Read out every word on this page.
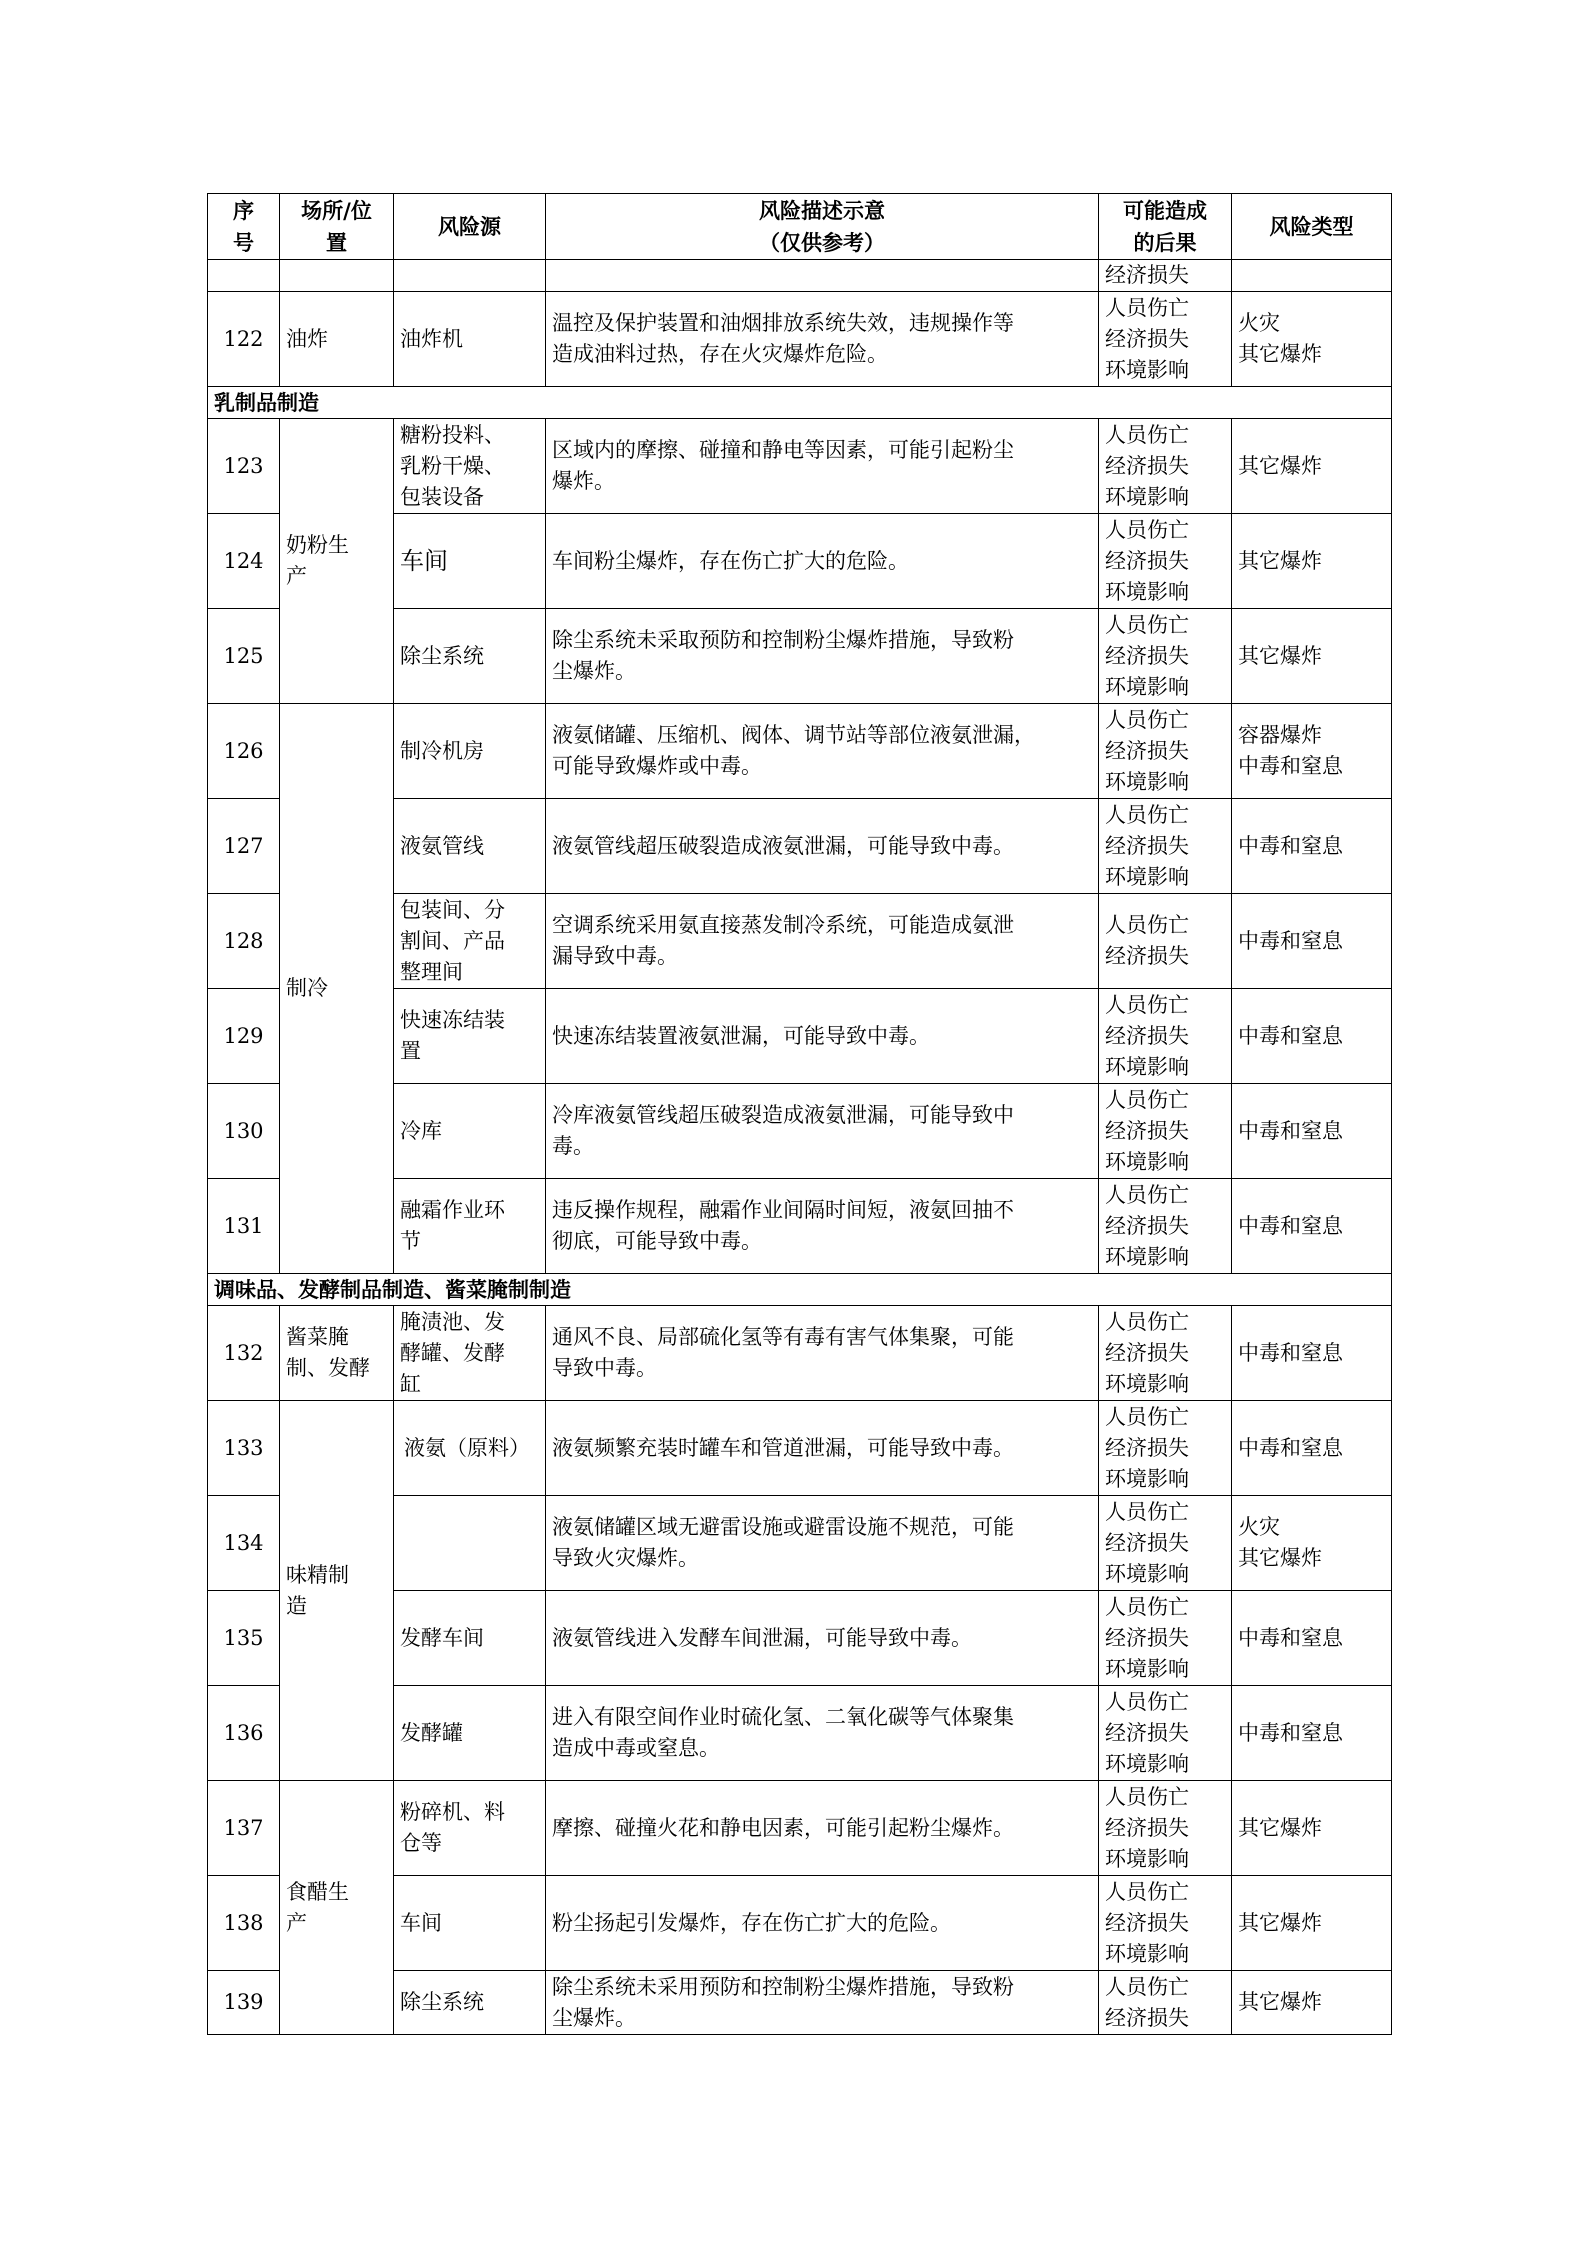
序
号	场所/位
置	风险源	风险描述示意
（仅供参考）	可能造成
的后果	风险类型

				经济损失	

122	油炸	油炸机	温控及保护装置和油烟排放系统失效，违规操作等
造成油料过热，存在火灾爆炸危险。	人员伤亡
经济损失
环境影响	火灾
其它爆炸

乳制品制造					
123	奶粉生
产	糖粉投料、
乳粉干燥、
包装设备	区域内的摩擦、碰撞和静电等因素，可能引起粉尘
爆炸。	人员伤亡
经济损失
环境影响	其它爆炸

124		车间	车间粉尘爆炸，存在伤亡扩大的危险。	人员伤亡
经济损失
环境影响	其它爆炸

125		除尘系统	除尘系统未采取预防和控制粉尘爆炸措施，导致粉
尘爆炸。	人员伤亡
经济损失
环境影响	其它爆炸

126	制冷	制冷机房	液氨储罐、压缩机、阀体、调节站等部位液氨泄漏，
可能导致爆炸或中毒。	人员伤亡
经济损失
环境影响	容器爆炸
中毒和窒息

127		液氨管线	液氨管线超压破裂造成液氨泄漏，可能导致中毒。	人员伤亡
经济损失
环境影响	中毒和窒息

128		包装间、分
割间、产品
整理间	空调系统采用氨直接蒸发制冷系统，可能造成氨泄
漏导致中毒。	人员伤亡
经济损失	中毒和窒息

129		快速冻结装
置	快速冻结装置液氨泄漏，可能导致中毒。	人员伤亡
经济损失
环境影响	中毒和窒息

130		冷库	冷库液氨管线超压破裂造成液氨泄漏，可能导致中
毒。	人员伤亡
经济损失
环境影响	中毒和窒息

131		融霜作业环
节	违反操作规程，融霜作业间隔时间短，液氨回抽不
彻底，可能导致中毒。	人员伤亡
经济损失
环境影响	中毒和窒息

调味品、发酵制品制造、酱菜腌制制造					
132	酱菜腌
制、发酵	腌渍池、发
酵罐、发酵
缸	通风不良、局部硫化氢等有毒有害气体集聚，可能
导致中毒。	人员伤亡
经济损失
环境影响	中毒和窒息

133	味精制
造	液氨（原料）	液氨频繁充装时罐车和管道泄漏，可能导致中毒。	人员伤亡
经济损失
环境影响	中毒和窒息

134			液氨储罐区域无避雷设施或避雷设施不规范，可能
导致火灾爆炸。	人员伤亡
经济损失
环境影响	火灾
其它爆炸

135		发酵车间	液氨管线进入发酵车间泄漏，可能导致中毒。	人员伤亡
经济损失
环境影响	中毒和窒息

136		发酵罐	进入有限空间作业时硫化氢、二氧化碳等气体聚集
造成中毒或窒息。	人员伤亡
经济损失
环境影响	中毒和窒息

137	食醋生
产	粉碎机、料
仓等	摩擦、碰撞火花和静电因素，可能引起粉尘爆炸。	人员伤亡
经济损失
环境影响	其它爆炸

138		车间	粉尘扬起引发爆炸，存在伤亡扩大的危险。	人员伤亡
经济损失
环境影响	其它爆炸

139		除尘系统	除尘系统未采用预防和控制粉尘爆炸措施，导致粉
尘爆炸。	人员伤亡
经济损失	其它爆炸
